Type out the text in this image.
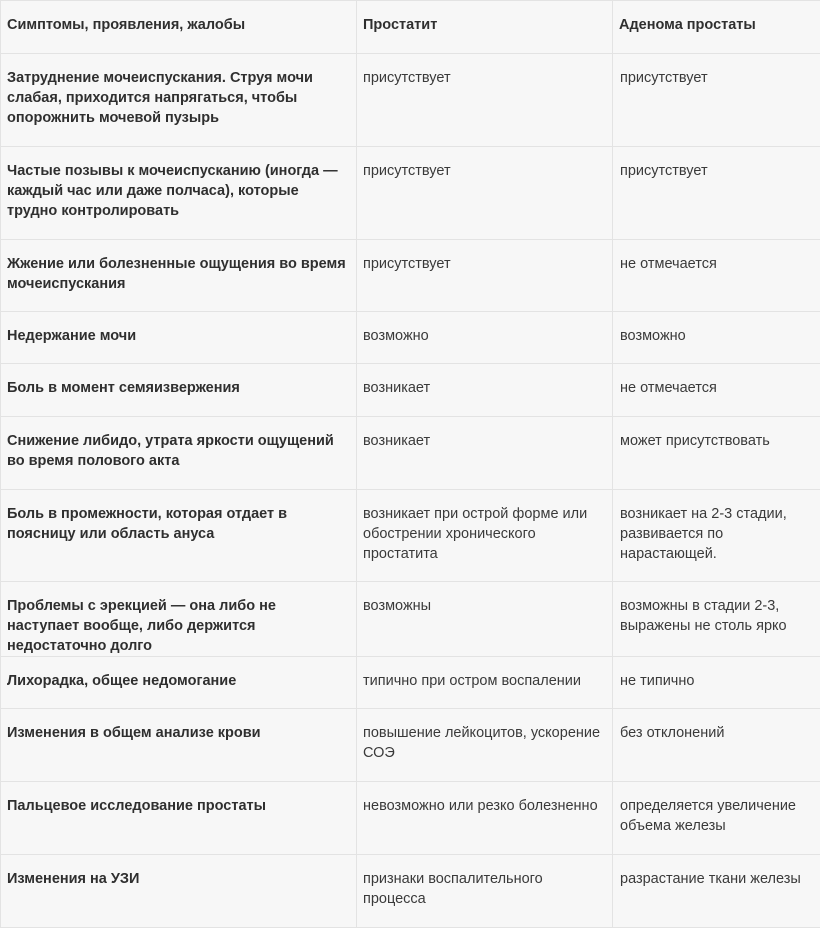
Симптомы, проявления, жалобы	Простатит	Аденома простаты
Затруднение мочеиспускания. Струя мочи слабая, приходится напрягаться, чтобы опорожнить мочевой пузырь	присутствует	присутствует
Частые позывы к мочеиспусканию (иногда — каждый час или даже полчаса), которые трудно контролировать	присутствует	присутствует
Жжение или болезненные ощущения во время мочеиспускания	присутствует	не отмечается
Недержание мочи	возможно	возможно
Боль в момент семяизвержения	возникает	не отмечается
Снижение либидо, утрата яркости ощущений во время полового акта	возникает	может присутствовать
Боль в промежности, которая отдает в поясницу или область ануса	возникает при острой форме или обострении хронического простатита	возникает на 2-3 стадии, развивается по нарастающей.
Проблемы с эрекцией — она либо не наступает вообще, либо держится недостаточно долго	возможны	возможны в стадии 2-3, выражены не столь ярко
Лихорадка, общее недомогание	типично при остром воспалении	не типично
Изменения в общем анализе крови	повышение лейкоцитов, ускорение СОЭ	без отклонений
Пальцевое исследование простаты	невозможно или резко болезненно	определяется увеличение объема железы
Изменения на УЗИ	признаки воспалительного процесса	разрастание ткани железы
